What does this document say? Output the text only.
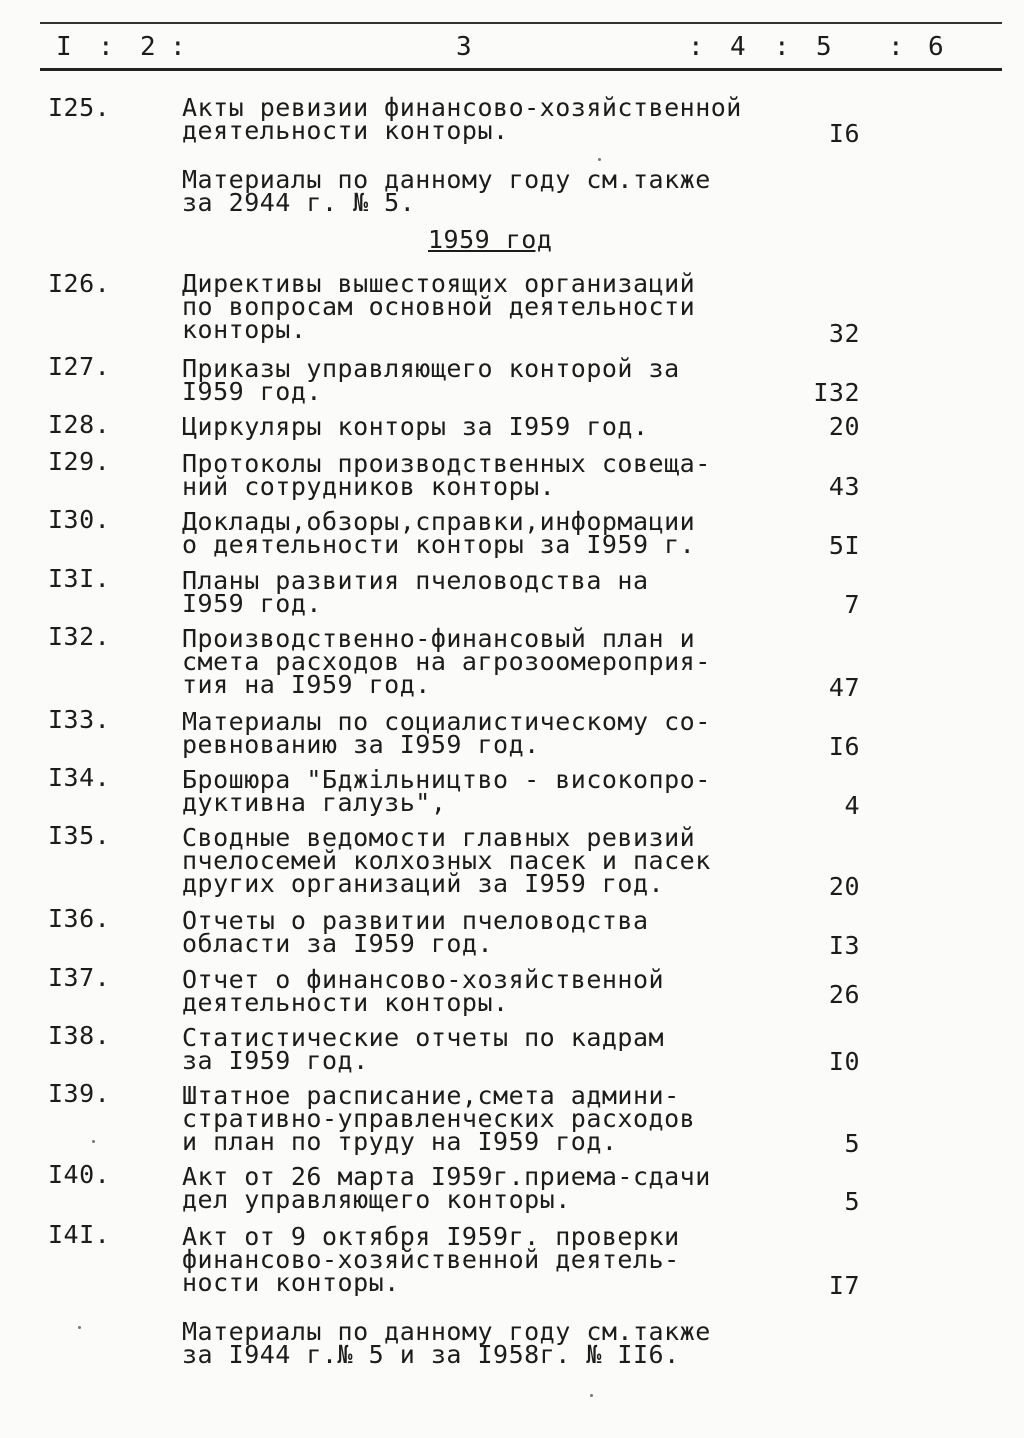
I : 2 :	3	: 4 : 5 : 6
I25.	Акты ревизии финансово-хозяйственной
деятельности конторы.	I6
Материалы по данному году см.также
за 2944 г. № 5.
1959 год
I26.	Директивы вышестоящих организаций
по вопросам основной деятельности
конторы.	32
I27.	Приказы управляющего конторой за
I959 год.	I32
I28.	Циркуляры конторы за I959 год.	20
I29.	Протоколы производственных совеща-
ний сотрудников конторы.	43
I30.	Доклады,обзоры,справки,информации
о деятельности конторы за I959 г.	5I
I3I.	Планы развития пчеловодства на
I959 год.	7
I32.	Производственно-финансовый план и
смета расходов на агрозоомероприя-
тия на I959 год.	47
I33.	Материалы по социалистическому со-
ревнованию за I959 год.	I6
I34.	Брошюра "Бджiльництво - високопро-
дуктивна галузь",	4
I35.	Сводные ведомости главных ревизий
пчелосемей колхозных пасек и пасек
других организаций за I959 год.	20
I36.	Отчеты о развитии пчеловодства
области за I959 год.	I3
I37.	Отчет о финансово-хозяйственной
деятельности конторы.	26
I38.	Статистические отчеты по кадрам
за I959 год.	I0
I39.	Штатное расписание,смета админи-
стративно-управленческих расходов
и план по труду на I959 год.	5
I40.	Акт от 26 марта I959г.приема-сдачи
дел управляющего конторы.	5
I4I.	Акт от 9 октября I959г. проверки
финансово-хозяйственной деятель-
ности конторы.	I7
Материалы по данному году см.также
за I944 г.№ 5 и за I958г. № II6.
